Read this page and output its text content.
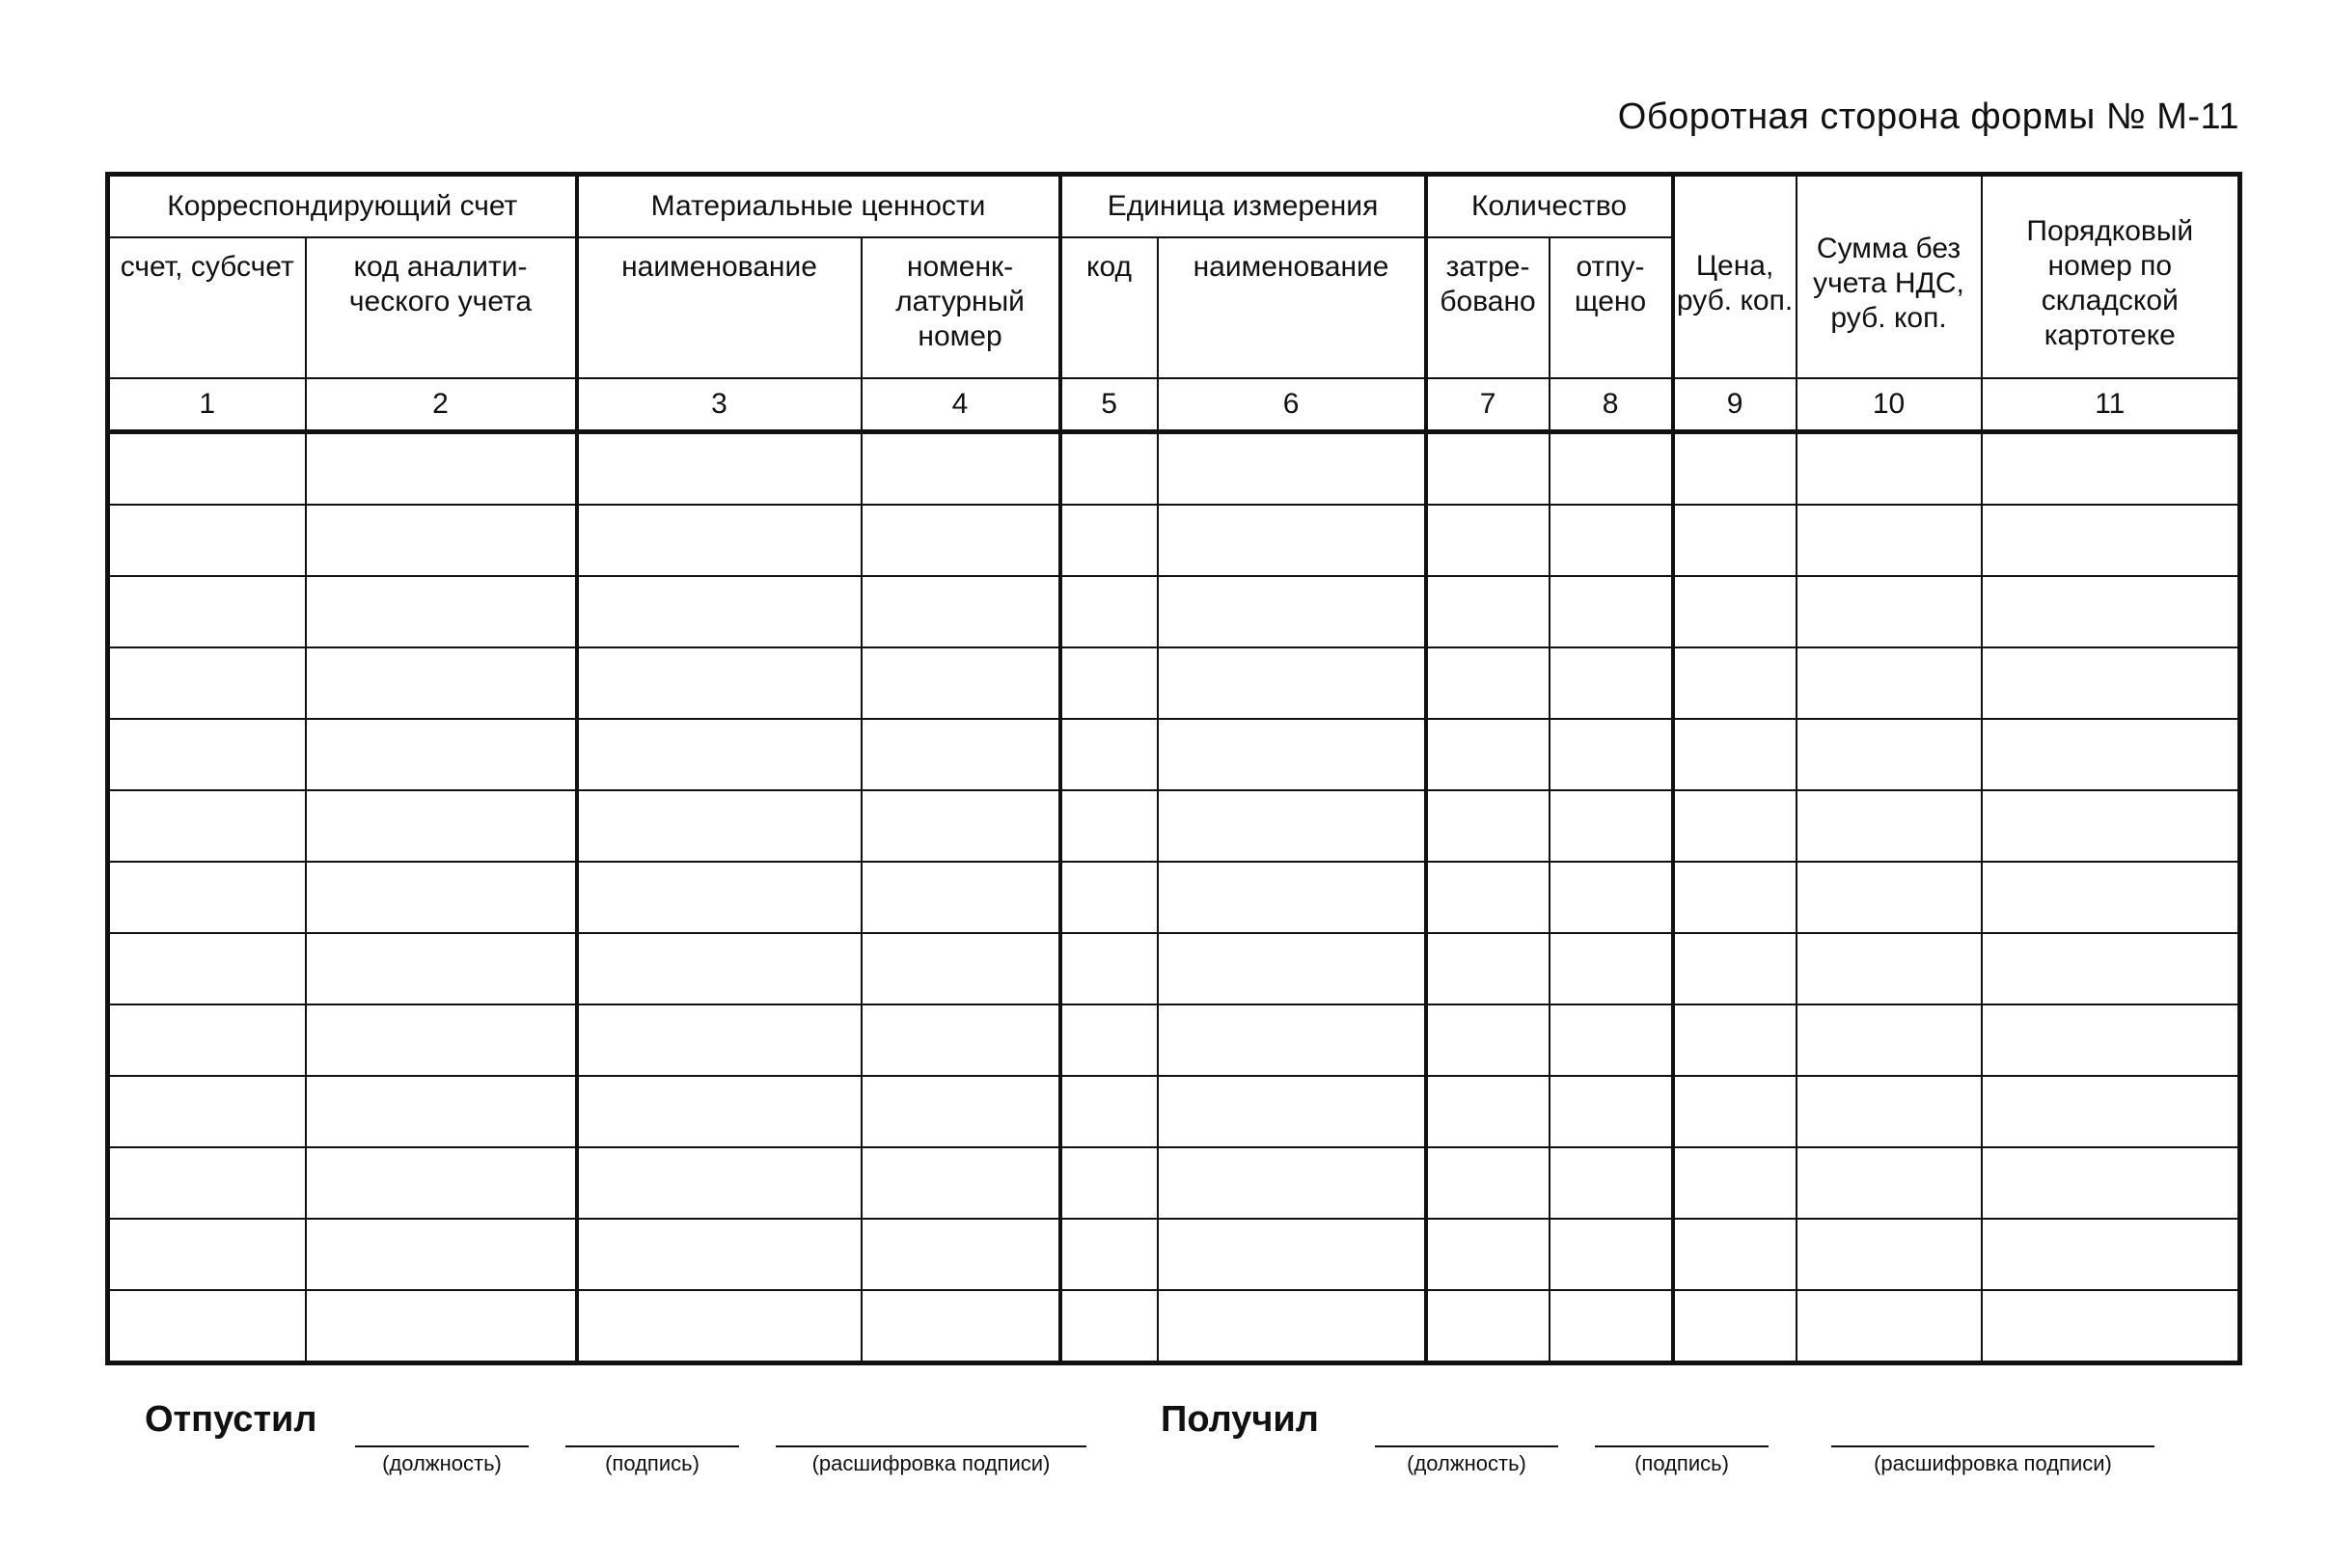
Оборотная сторона формы № М-11
Корреспондирующий счет		Материальные ценности		Единица измерения		Количество		Цена, руб. коп.	Сумма без учета НДС, руб. коп.	Порядковый номер по складской картотеке
счет, субсчет	код аналити-ческого учета	наименование	номенк-латурный номер	код	наименование	затре-бовано	отпу-щено			
1	2	3	4	5	6	7	8	9	10	11

Отпустил
(должность)	(подпись)	(расшифровка подписи)
Получил
(должность)	(подпись)	(расшифровка подписи)
